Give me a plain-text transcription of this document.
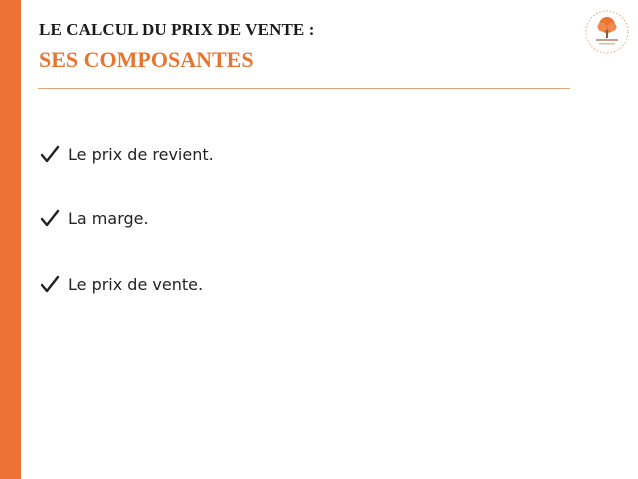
LE CALCUL DU PRIX DE VENTE :
SES COMPOSANTES
Le prix de revient.
La marge.
Le prix de vente.
